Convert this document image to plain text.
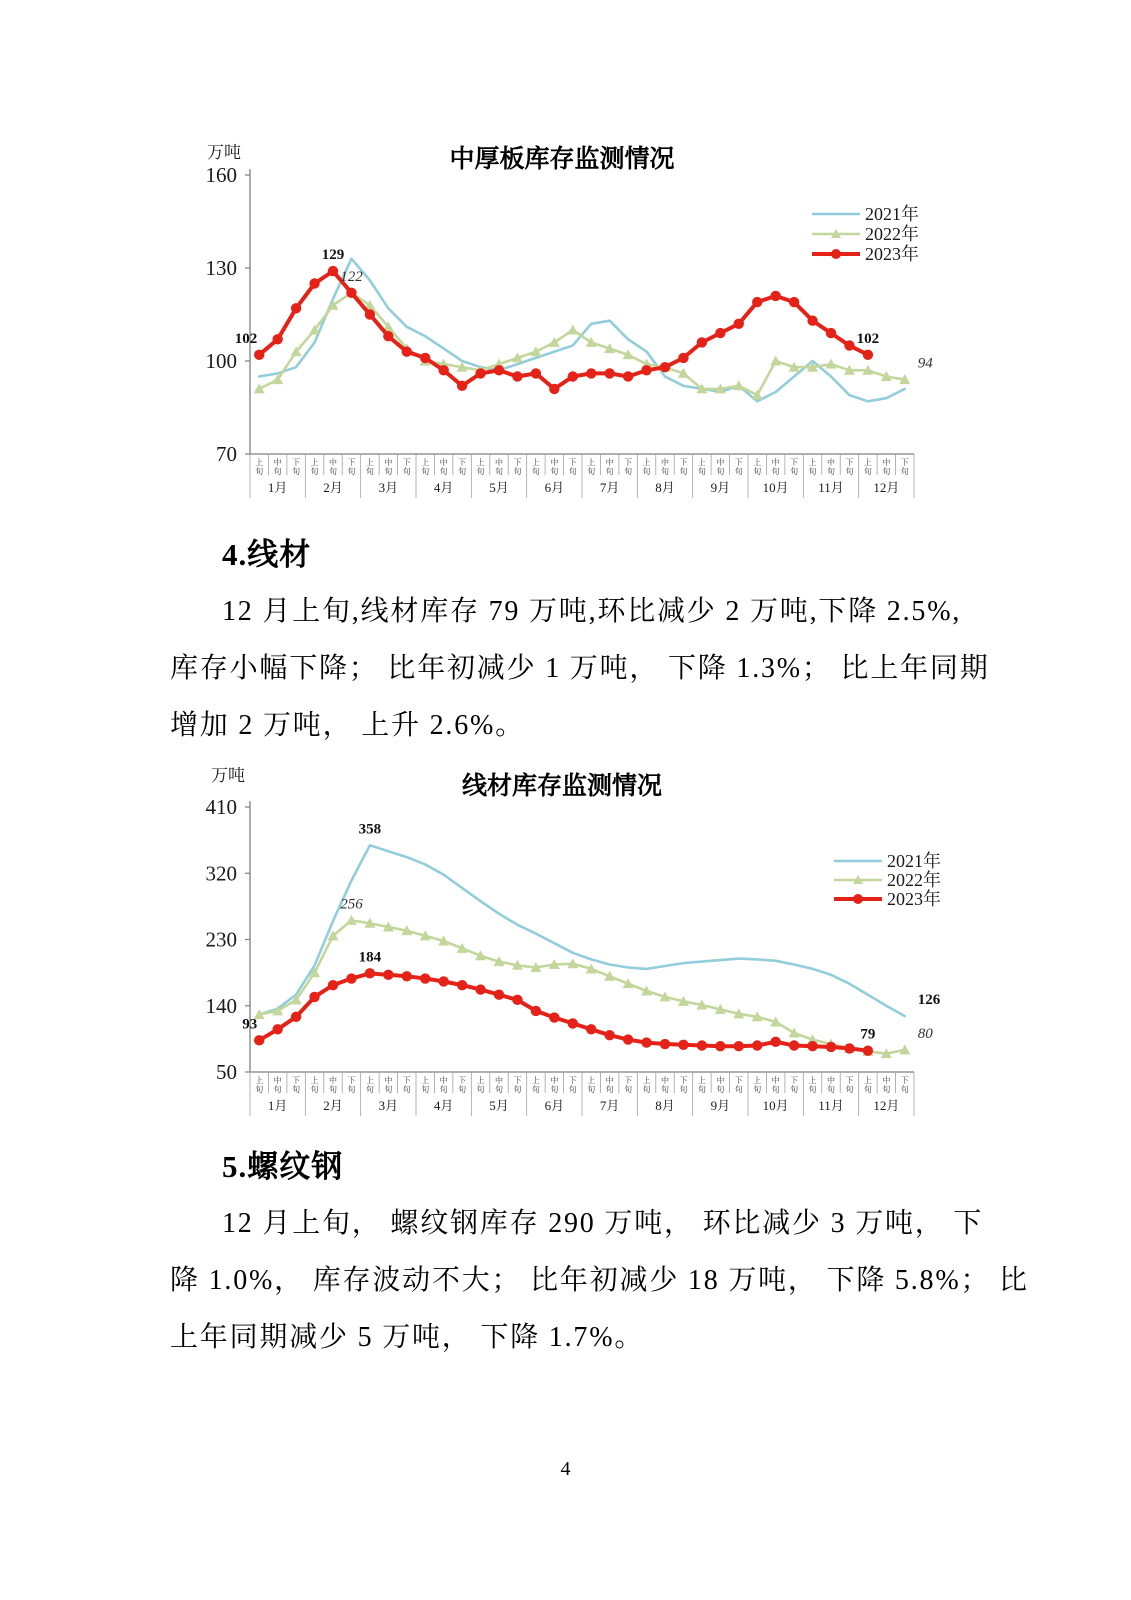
70
100
130
160
万吨	中厚板库存监测情况
上旬
中旬
下旬
上旬
中旬
下旬
上旬
中旬
下旬
上旬
中旬
下旬
上旬
中旬
下旬
上旬
中旬
下旬
上旬
中旬
下旬
上旬
中旬
下旬
上旬
中旬
下旬
上旬
中旬
下旬
上旬
中旬
下旬
上旬
中旬
下旬
1月	2月	3月	4月	5月	6月	7月	8月	9月	10月 11月 12月
102
129
122
102
94
2021年
2022年
2023年
50
140
230
320
410
万吨	线材库存监测情况
上旬
中旬
下旬
上旬
中旬
下旬
上旬
中旬
下旬
上旬
中旬
下旬
上旬
中旬
下旬
上旬
中旬
下旬
上旬
中旬
下旬
上旬
中旬
下旬
上旬
中旬
下旬
上旬
中旬
下旬
上旬
中旬
下旬
上旬
中旬
下旬
1月	2月	3月	4月	5月	6月	7月	8月	9月	10月 11月 12月
93
358
256
184
126
79	80
2021年
2022年
2023年
4.线材
12 月上旬,线材库存 79 万吨,环比减少 2 万吨,下降 2.5%,
库存小幅下降； 比年初减少 1 万吨， 下降 1.3%； 比上年同期
增加 2 万吨， 上升 2.6%。
5.螺纹钢
12 月上旬， 螺纹钢库存 290 万吨， 环比减少 3 万吨， 下
降 1.0%， 库存波动不大； 比年初减少 18 万吨， 下降 5.8%； 比
上年同期减少 5 万吨， 下降 1.7%。
4
